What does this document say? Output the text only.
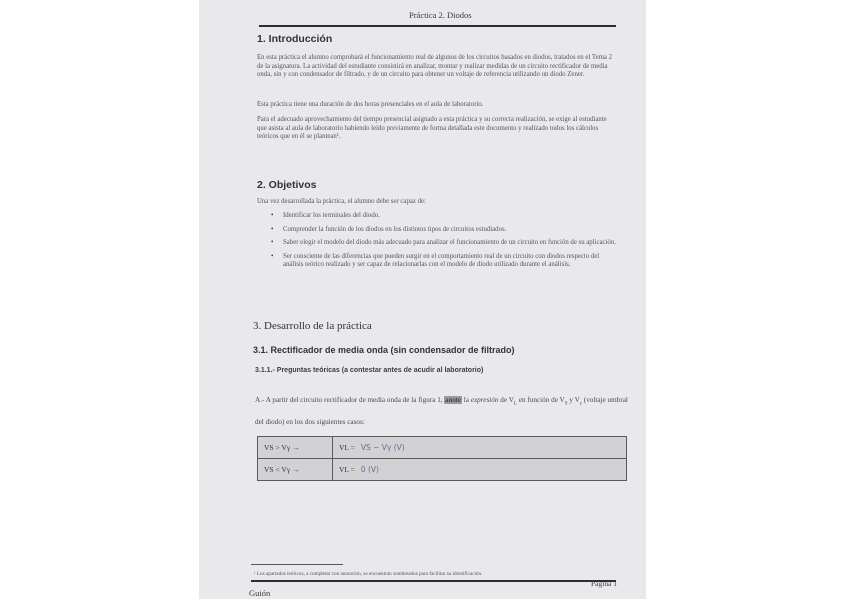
Práctica 2. Diodos
1. Introducción
En esta práctica el alumno comprobará el funcionamiento real de algunos de los circuitos basados en diodos, tratados en el Tema 2 de la asignatura. La actividad del estudiante consistirá en analizar, montar y realizar medidas de un circuito rectificador de media onda, sin y con condensador de filtrado, y de un circuito para obtener un voltaje de referencia utilizando un diodo Zener.
Esta práctica tiene una duración de dos horas presenciales en el aula de laboratorio.
Para el adecuado aprovechamiento del tiempo presencial asignado a esta práctica y su correcta realización, se exige al estudiante que asista al aula de laboratorio habiendo leído previamente de forma detallada este documento y realizado todos los cálculos teóricos que en él se plantean¹.
2. Objetivos
Una vez desarrollada la práctica, el alumno debe ser capaz de:
• Identificar los terminales del diodo.
• Comprender la función de los diodos en los distintos tipos de circuitos estudiados.
• Saber elegir el modelo del diodo más adecuado para analizar el funcionamiento de un circuito en función de su aplicación.
• Ser consciente de las diferencias que pueden surgir en el comportamiento real de un circuito con diodos respecto del análisis teórico realizado y ser capaz de relacionarlas con el modelo de diodo utilizado durante el análisis.
3. Desarrollo de la práctica
3.1. Rectificador de media onda (sin condensador de filtrado)
3.1.1.- Preguntas teóricas (a contestar antes de acudir al laboratorio)
A.- A partir del circuito rectificador de media onda de la figura 1, anote la expresión de $V_L$ en función de $V_S$ y $V_\gamma$ (voltaje umbral del diodo) en los dos siguientes casos:
VS > Vγ →	VL = VS − Vγ (V)
VS < Vγ →	VL = 0 (V)
¹ Los apartados teóricos, a completar con anotación, se encuentran sombreados para facilitar su identificación.
Página 1
Guión
